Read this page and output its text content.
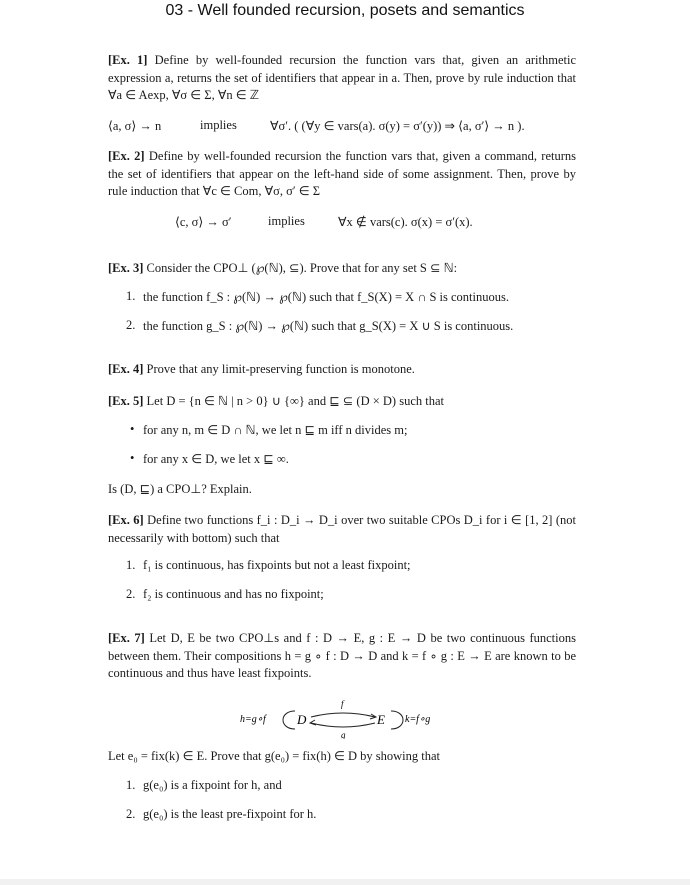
03 - Well founded recursion, posets and semantics
[Ex. 1] Define by well-founded recursion the function vars that, given an arithmetic expression a, returns the set of identifiers that appear in a. Then, prove by rule induction that ∀a ∈ Aexp, ∀σ ∈ Σ, ∀n ∈ ℤ
⟨a, σ⟩ → n	implies	∀σ′. ( (∀y ∈ vars(a). σ(y) = σ′(y)) ⇒ ⟨a, σ′⟩ → n ).
[Ex. 2] Define by well-founded recursion the function vars that, given a command, returns the set of identifiers that appear on the left-hand side of some assignment. Then, prove by rule induction that ∀c ∈ Com, ∀σ, σ′ ∈ Σ
⟨c, σ⟩ → σ′	implies	∀x ∉ vars(c). σ(x) = σ′(x).
[Ex. 3] Consider the CPO⊥ (℘(ℕ), ⊆). Prove that for any set S ⊆ ℕ:
1. the function f_S : ℘(ℕ) → ℘(ℕ) such that f_S(X) = X ∩ S is continuous.
2. the function g_S : ℘(ℕ) → ℘(ℕ) such that g_S(X) = X ∪ S is continuous.
[Ex. 4] Prove that any limit-preserving function is monotone.
[Ex. 5] Let D = {n ∈ ℕ | n > 0} ∪ {∞} and ⊑ ⊆ (D × D) such that
• for any n, m ∈ D ∩ ℕ, we let n ⊑ m iff n divides m;
• for any x ∈ D, we let x ⊑ ∞.
Is (D, ⊑) a CPO⊥? Explain.
[Ex. 6] Define two functions f_i : D_i → D_i over two suitable CPOs D_i for i ∈ [1, 2] (not necessarily with bottom) such that
1. f₁ is continuous, has fixpoints but not a least fixpoint;
2. f₂ is continuous and has no fixpoint;
[Ex. 7] Let D, E be two CPO⊥s and f : D → E, g : E → D be two continuous functions between them. Their compositions h = g ∘ f : D → D and k = f ∘ g : E → E are known to be continuous and thus have least fixpoints.
h=g∘f D
f
g
E k=f∘g
Let e₀ = fix(k) ∈ E. Prove that g(e₀) = fix(h) ∈ D by showing that
1. g(e₀) is a fixpoint for h, and
2. g(e₀) is the least pre-fixpoint for h.
